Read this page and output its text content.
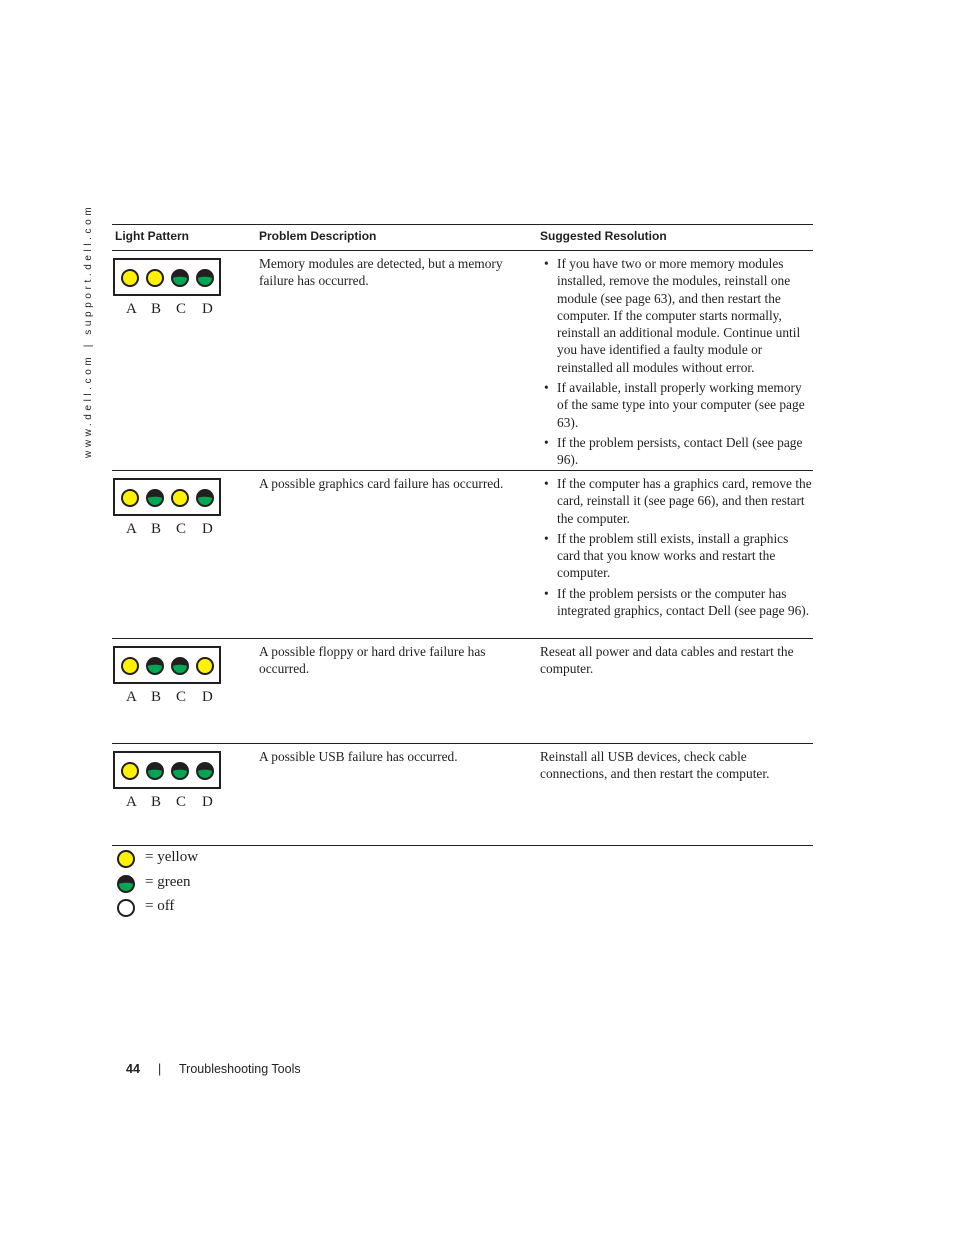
www.dell.com | support.dell.com	Light Pattern	Problem Description	Suggested Resolution
A B C D
Memory modules are detected, but a memory failure has occurred.
• If you have two or more memory modules installed, remove the modules, reinstall one module (see page 63), and then restart the computer. If the computer starts normally, reinstall an additional module. Continue until you have identified a faulty module or reinstalled all modules without error.
• If available, install properly working memory of the same type into your computer (see page 63).
• If the problem persists, contact Dell (see page 96).
A B C D
A possible graphics card failure has occurred.
•	If the computer has a graphics card, remove the card, reinstall it (see page 66), and then restart the computer.
• If the problem still exists, install a graphics card that you know works and restart the computer.
• If the problem persists or the computer has integrated graphics, contact Dell (see page 96).
A B C D
A possible floppy or hard drive failure has occurred.
Reseat all power and data cables and restart the computer.
A B C D
A possible USB failure has occurred.	Reinstall all USB devices, check cable connections, and then restart the computer.
= yellow
= green
= off
44 | Troubleshooting Tools
